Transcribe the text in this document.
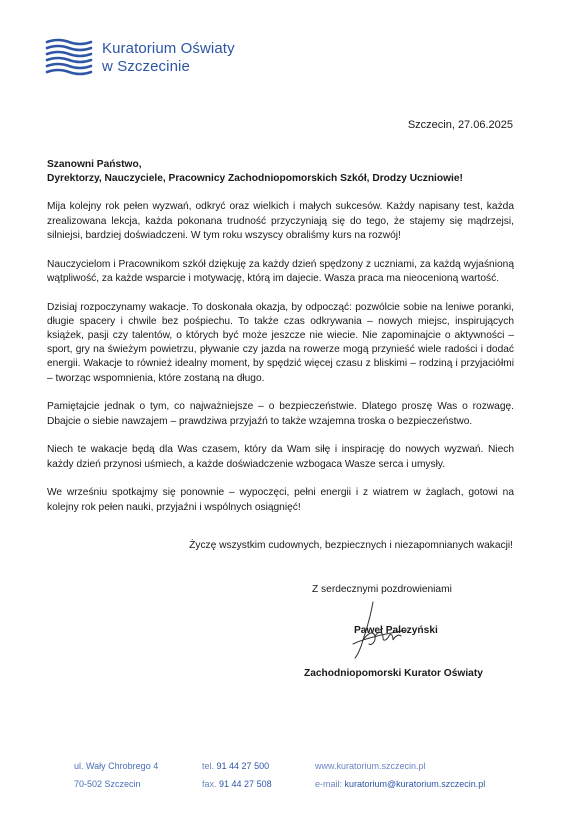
Kuratorium Oświaty
w Szczecinie
Szczecin, 27.06.2025
Szanowni Państwo,
Dyrektorzy, Nauczyciele, Pracownicy Zachodniopomorskich Szkół, Drodzy Uczniowie!

Mija kolejny rok pełen wyzwań, odkryć oraz wielkich i małych sukcesów. Każdy napisany test, każda zrealizowana lekcja, każda pokonana trudność przyczyniają się do tego, że stajemy się mądrzejsi, silniejsi, bardziej doświadczeni. W tym roku wszyscy obraliśmy kurs na rozwój!

Nauczycielom i Pracownikom szkół dziękuję za każdy dzień spędzony z uczniami, za każdą wyjaśnioną wątpliwość, za każde wsparcie i motywację, którą im dajecie. Wasza praca ma nieocenioną wartość.

Dzisiaj rozpoczynamy wakacje. To doskonała okazja, by odpocząć: pozwólcie sobie na leniwe poranki, długie spacery i chwile bez pośpiechu. To także czas odkrywania – nowych miejsc, inspirujących książek, pasji czy talentów, o których być może jeszcze nie wiecie. Nie zapominajcie o aktywności – sport, gry na świeżym powietrzu, pływanie czy jazda na rowerze mogą przynieść wiele radości i dodać energii. Wakacje to również idealny moment, by spędzić więcej czasu z bliskimi – rodziną i przyjaciółmi – tworząc wspomnienia, które zostaną na długo.

Pamiętajcie jednak o tym, co najważniejsze – o bezpieczeństwie. Dlatego proszę Was o rozwagę. Dbajcie o siebie nawzajem – prawdziwa przyjaźń to także wzajemna troska o bezpieczeństwo.

Niech te wakacje będą dla Was czasem, który da Wam siłę i inspirację do nowych wyzwań. Niech każdy dzień przynosi uśmiech, a każde doświadczenie wzbogaca Wasze serca i umysły.

We wrześniu spotkajmy się ponownie – wypoczęci, pełni energii i z wiatrem w żaglach, gotowi na kolejny rok pełen nauki, przyjaźni i wspólnych osiągnięć!

Życzę wszystkim cudownych, bezpiecznych i niezapomnianych wakacji!
Z serdecznymi pozdrowieniami
Paweł Palczyński
Zachodniopomorski Kurator Oświaty
ul. Wały Chrobrego 4
70-502 Szczecin
tel. 91 44 27 500
fax. 91 44 27 508
www.kuratorium.szczecin.pl
e-mail: kuratorium@kuratorium.szczecin.pl
